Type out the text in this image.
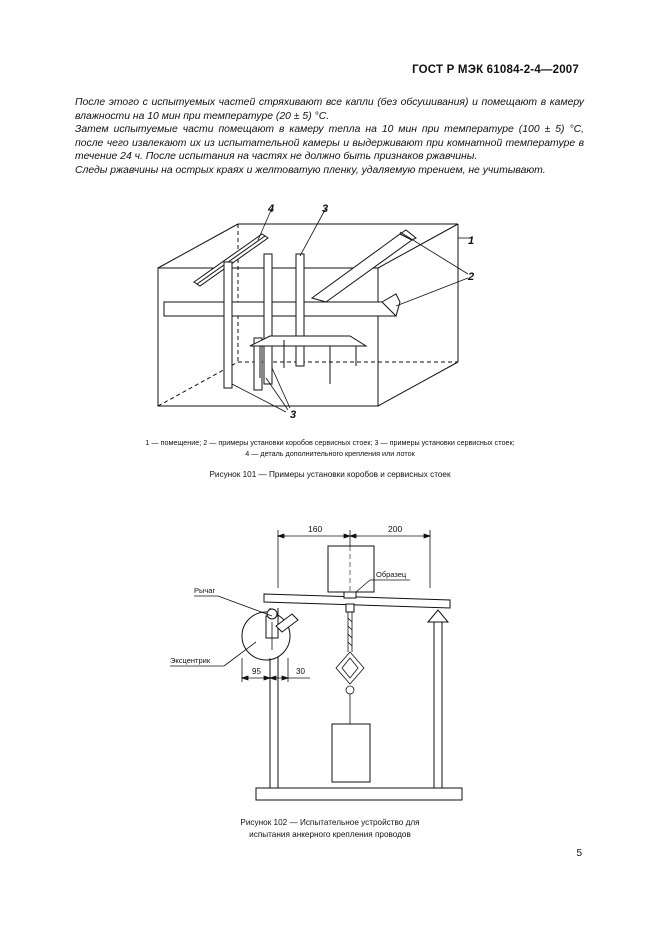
ГОСТ Р МЭК 61084-2-4—2007

После этого с испытуемых частей стряхивают все капли (без обсушивания) и помещают в камеру влажности на 10 мин при температуре (20 ± 5) °С.

Затем испытуемые части помещают в камеру тепла на 10 мин при температуре (100 ± 5) °С, после чего извлекают их из испытательной камеры и выдерживают при комнатной температуре в течение 24 ч. После испытания на частях не должно быть признаков ржавчины.

Следы ржавчины на острых краях и желтоватую пленку, удаляемую трением, не учитывают.

4	3
1
2
3
1 — помещение; 2 — примеры установки коробов сервисных стоек; 3 — примеры установки сервисных стоек;
4 — деталь дополнительного крепления или лоток
Рисунок 101 — Примеры установки коробов и сервисных стоек
160	200
95	30
Рычаг
Эксцентрик
Образец
Рисунок 102 — Испытательное устройство для
испытания анкерного крепления проводов
5
